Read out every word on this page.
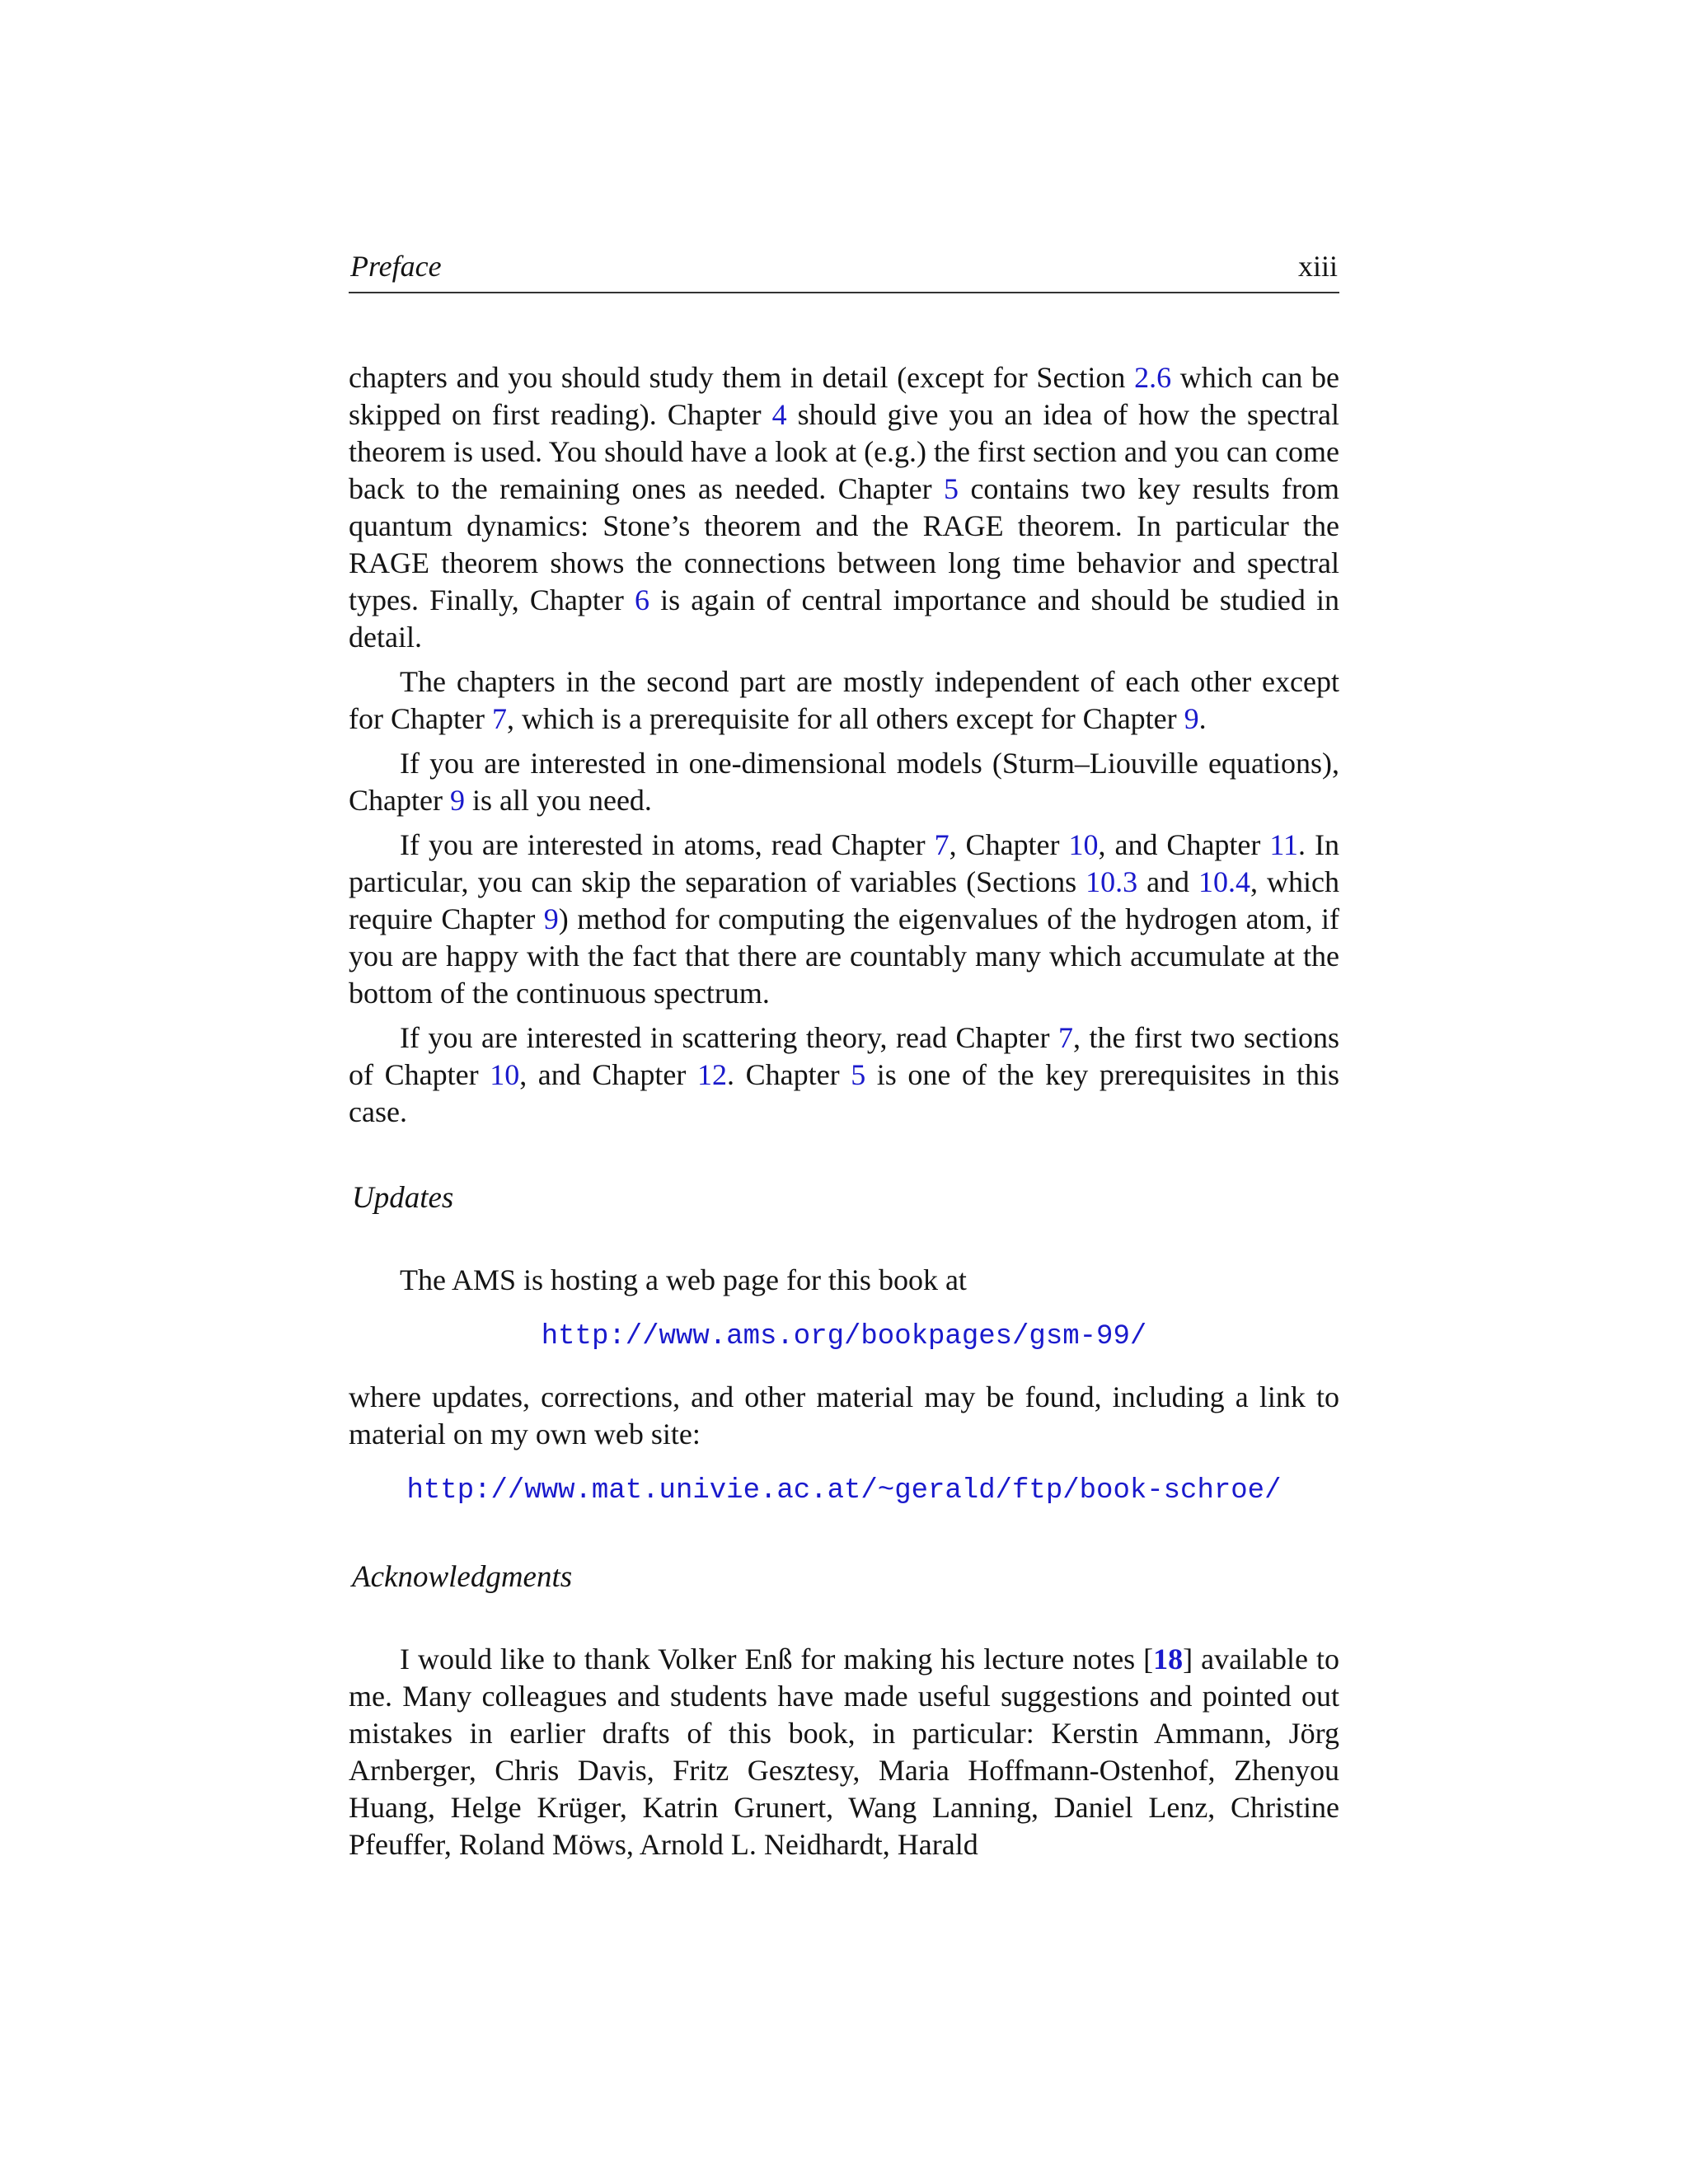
Preface	xiii

chapters and you should study them in detail (except for Section 2.6 which can be skipped on first reading). Chapter 4 should give you an idea of how the spectral theorem is used. You should have a look at (e.g.) the first section and you can come back to the remaining ones as needed. Chapter 5 contains two key results from quantum dynamics: Stone’s theorem and the RAGE theorem. In particular the RAGE theorem shows the connections between long time behavior and spectral types. Finally, Chapter 6 is again of central importance and should be studied in detail.

The chapters in the second part are mostly independent of each other except for Chapter 7, which is a prerequisite for all others except for Chapter 9.

If you are interested in one-dimensional models (Sturm–Liouville equations), Chapter 9 is all you need.

If you are interested in atoms, read Chapter 7, Chapter 10, and Chapter 11. In particular, you can skip the separation of variables (Sections 10.3 and 10.4, which require Chapter 9) method for computing the eigenvalues of the hydrogen atom, if you are happy with the fact that there are countably many which accumulate at the bottom of the continuous spectrum.

If you are interested in scattering theory, read Chapter 7, the first two sections of Chapter 10, and Chapter 12. Chapter 5 is one of the key prerequisites in this case.

Updates

The AMS is hosting a web page for this book at

http://www.ams.org/bookpages/gsm-99/

where updates, corrections, and other material may be found, including a link to material on my own web site:

http://www.mat.univie.ac.at/~gerald/ftp/book-schroe/
Acknowledgments

I would like to thank Volker Enß for making his lecture notes [18] available to me. Many colleagues and students have made useful suggestions and pointed out mistakes in earlier drafts of this book, in particular: Kerstin Ammann, Jörg Arnberger, Chris Davis, Fritz Gesztesy, Maria Hoffmann-Ostenhof, Zhenyou Huang, Helge Krüger, Katrin Grunert, Wang Lanning, Daniel Lenz, Christine Pfeuffer, Roland Möws, Arnold L. Neidhardt, Harald
